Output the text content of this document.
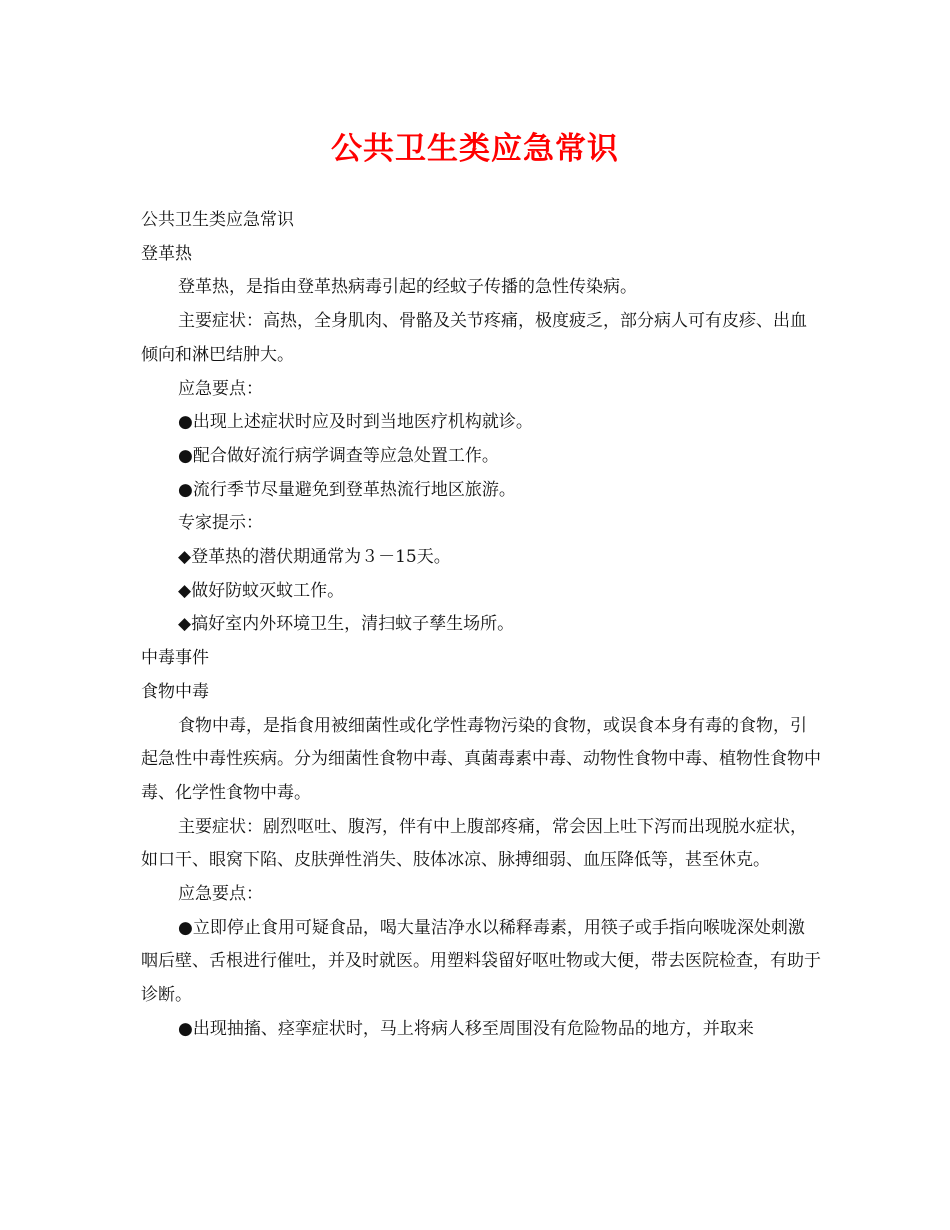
公共卫生类应急常识

公共卫生类应急常识

登革热

登革热，是指由登革热病毒引起的经蚊子传播的急性传染病。

主要症状：高热，全身肌肉、骨骼及关节疼痛，极度疲乏，部分病人可有皮疹、出血倾向和淋巴结肿大。

应急要点：

●出现上述症状时应及时到当地医疗机构就诊。

●配合做好流行病学调查等应急处置工作。

●流行季节尽量避免到登革热流行地区旅游。

专家提示：

◆登革热的潜伏期通常为３－15天。

◆做好防蚊灭蚊工作。

◆搞好室内外环境卫生，清扫蚊子孳生场所。

中毒事件

食物中毒

食物中毒，是指食用被细菌性或化学性毒物污染的食物，或误食本身有毒的食物，引起急性中毒性疾病。分为细菌性食物中毒、真菌毒素中毒、动物性食物中毒、植物性食物中毒、化学性食物中毒。

主要症状：剧烈呕吐、腹泻，伴有中上腹部疼痛，常会因上吐下泻而出现脱水症状，如口干、眼窝下陷、皮肤弹性消失、肢体冰凉、脉搏细弱、血压降低等，甚至休克。

应急要点：

●立即停止食用可疑食品，喝大量洁净水以稀释毒素，用筷子或手指向喉咙深处刺激咽后壁、舌根进行催吐，并及时就医。用塑料袋留好呕吐物或大便，带去医院检查，有助于诊断。

●出现抽搐、痉挛症状时，马上将病人移至周围没有危险物品的地方，并取来
